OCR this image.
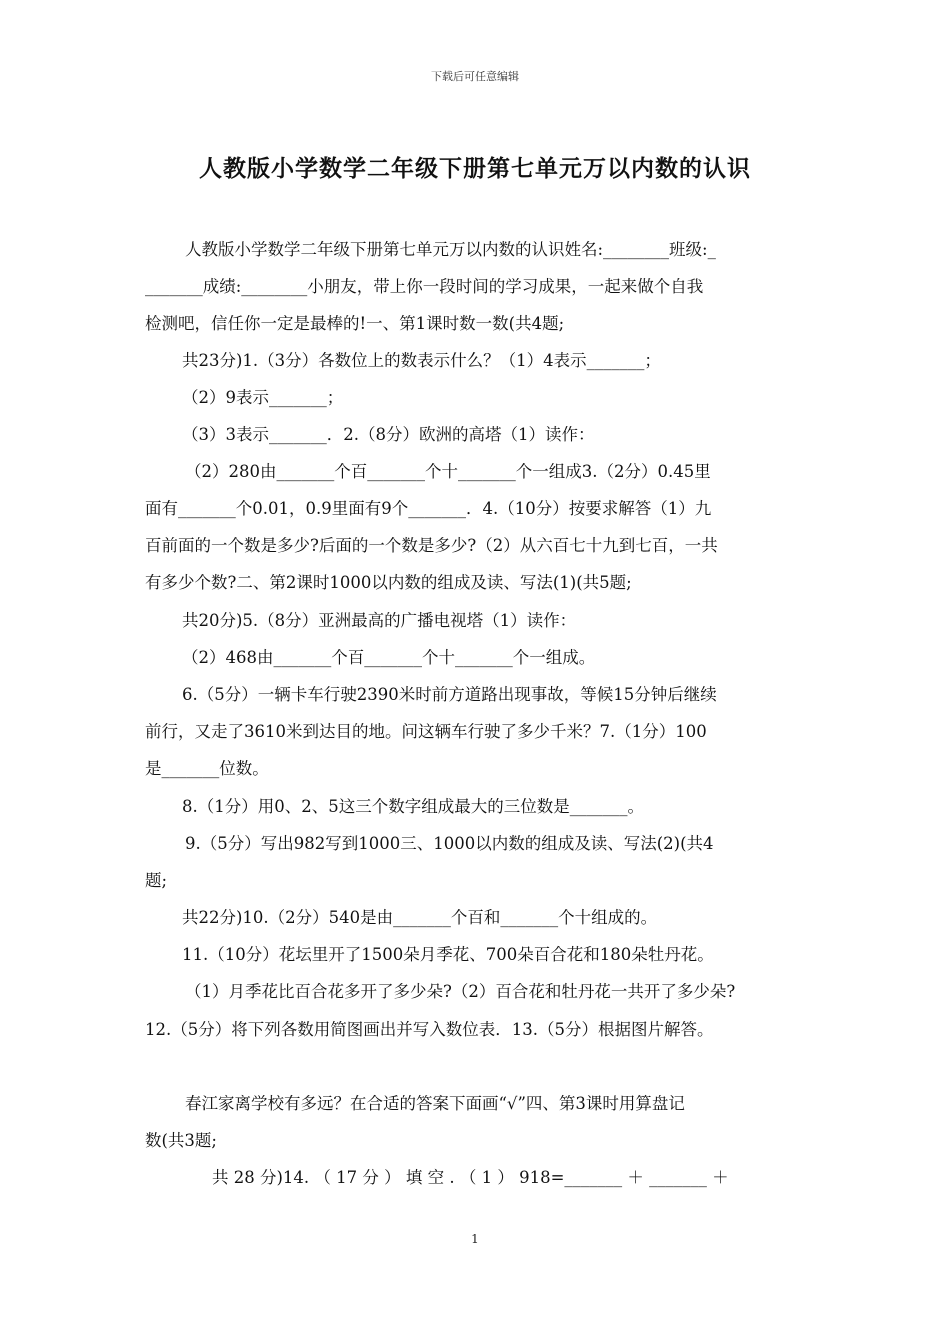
下载后可任意编辑
人教版小学数学二年级下册第七单元万以内数的认识
人教版小学数学二年级下册第七单元万以内数的认识姓名:________班级:_
_______成绩:________小朋友，带上你一段时间的学习成果，一起来做个自我
检测吧，信任你一定是最棒的!一、第1课时数一数(共4题;
共23分)1.（3分）各数位上的数表示什么？（1）4表示_______；
（2）9表示_______；
（3）3表示_______．2.（8分）欧洲的高塔（1）读作：
（2）280由_______个百_______个十_______个一组成3.（2分）0.45里
面有_______个0.01，0.9里面有9个_______．4.（10分）按要求解答（1）九
百前面的一个数是多少?后面的一个数是多少?（2）从六百七十九到七百，一共
有多少个数?二、第2课时1000以内数的组成及读、写法(1)(共5题;
共20分)5.（8分）亚洲最高的广播电视塔（1）读作：
（2）468由_______个百_______个十_______个一组成。
6.（5分）一辆卡车行驶2390米时前方道路出现事故，等候15分钟后继续
前行，又走了3610米到达目的地。问这辆车行驶了多少千米？7.（1分）100
是_______位数。
8.（1分）用0、2、5这三个数字组成最大的三位数是_______。
9.（5分）写出982写到1000三、1000以内数的组成及读、写法(2)(共4
题;
共22分)10.（2分）540是由_______个百和_______个十组成的。
11.（10分）花坛里开了1500朵月季花、700朵百合花和180朵牡丹花。
（1）月季花比百合花多开了多少朵?（2）百合花和牡丹花一共开了多少朵?
12.（5分）将下列各数用简图画出并写入数位表．13.（5分）根据图片解答。
春江家离学校有多远？在合适的答案下面画“√”四、第3课时用算盘记
数(共3题;
共 28 分)14. （ 17 分 ） 填 空 . （ 1 ） 918=_______ ＋ _______ ＋
1
